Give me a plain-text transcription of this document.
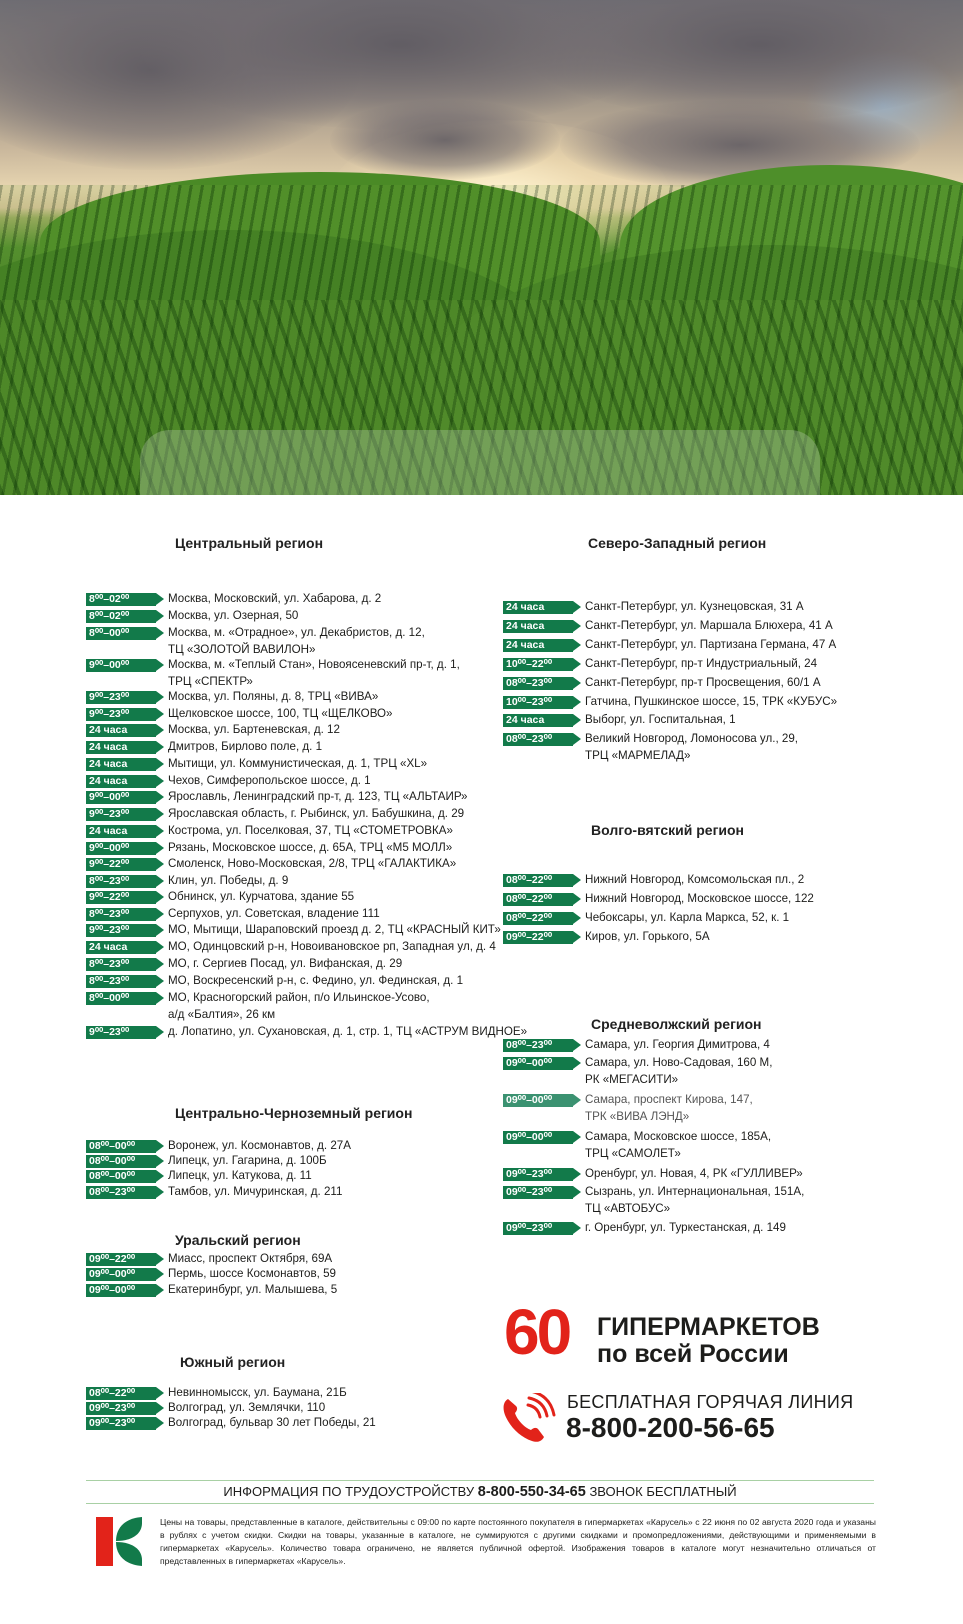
Центральный регион
8⁰⁰–02⁰⁰	Москва, Московский, ул. Хабарова, д. 2
8⁰⁰–02⁰⁰	Москва, ул. Озерная, 50
8⁰⁰–00⁰⁰	Москва, м. «Отрадное», ул. Декабристов, д. 12,
ТЦ «ЗОЛОТОЙ ВАВИЛОН»
9⁰⁰–00⁰⁰	Москва, м. «Теплый Стан», Новоясеневский пр-т, д. 1,
ТРЦ «СПЕКТР»
9⁰⁰–23⁰⁰	Москва, ул. Поляны, д. 8, ТРЦ «ВИВА»
9⁰⁰–23⁰⁰	Щелковское шоссе, 100, ТЦ «ЩЕЛКОВО»
24 часа	Москва, ул. Бартеневская, д. 12
24 часа	Дмитров, Бирлово поле, д. 1
24 часа	Мытищи, ул. Коммунистическая, д. 1, ТРЦ «XL»
24 часа	Чехов, Симферопольское шоссе, д. 1
9⁰⁰–00⁰⁰	Ярославль, Ленинградский пр-т, д. 123, ТЦ «АЛЬТАИР»
9⁰⁰–23⁰⁰	Ярославская область, г. Рыбинск, ул. Бабушкина, д. 29
24 часа	Кострома, ул. Поселковая, 37, ТЦ «СТОМЕТРОВКА»
9⁰⁰–00⁰⁰	Рязань, Московское шоссе, д. 65А, ТРЦ «М5 МОЛЛ»
9⁰⁰–22⁰⁰	Смоленск, Ново-Московская, 2/8, ТРЦ «ГАЛАКТИКА»
8⁰⁰–23⁰⁰	Клин, ул. Победы, д. 9
9⁰⁰–22⁰⁰	Обнинск, ул. Курчатова, здание 55
8⁰⁰–23⁰⁰	Серпухов, ул. Советская, владение 111
9⁰⁰–23⁰⁰	МО, Мытищи, Шараповский проезд д. 2, ТЦ «КРАСНЫЙ КИТ»
24 часа	МО, Одинцовский р-н, Новоивановское рп, Западная ул, д. 4
8⁰⁰–23⁰⁰	МО, г. Сергиев Посад, ул. Вифанская, д. 29
8⁰⁰–23⁰⁰	МО, Воскресенский р-н, с. Федино, ул. Фединская, д. 1
8⁰⁰–00⁰⁰	МО, Красногорский район, п/о Ильинское-Усово,
а/д «Балтия», 26 км
9⁰⁰–23⁰⁰	д. Лопатино, ул. Сухановская, д. 1, стр. 1, ТЦ «АСТРУМ ВИДНОЕ»
Центрально-Черноземный регион
08⁰⁰–00⁰⁰	Воронеж, ул. Космонавтов, д. 27А
08⁰⁰–00⁰⁰	Липецк, ул. Гагарина, д. 100Б
08⁰⁰–00⁰⁰	Липецк, ул. Катукова, д. 11
08⁰⁰–23⁰⁰	Тамбов, ул. Мичуринская, д. 211
Уральский регион
09⁰⁰–22⁰⁰	Миасс, проспект Октября, 69А
09⁰⁰–00⁰⁰	Пермь, шоссе Космонавтов, 59
09⁰⁰–00⁰⁰	Екатеринбург, ул. Малышева, 5
Южный регион
08⁰⁰–22⁰⁰	Невинномысск, ул. Баумана, 21Б
09⁰⁰–23⁰⁰	Волгоград, ул. Землячки, 110
09⁰⁰–23⁰⁰	Волгоград, бульвар 30 лет Победы, 21
Северо-Западный регион
24 часа	Санкт-Петербург, ул. Кузнецовская, 31 А
24 часа	Санкт-Петербург, ул. Маршала Блюхера, 41 А
24 часа	Санкт-Петербург, ул. Партизана Германа, 47 А
10⁰⁰–22⁰⁰	Санкт-Петербург, пр-т Индустриальный, 24
08⁰⁰–23⁰⁰	Санкт-Петербург, пр-т Просвещения, 60/1 А
10⁰⁰–23⁰⁰	Гатчина, Пушкинское шоссе, 15, ТРК «КУБУС»
24 часа	Выборг, ул. Госпитальная, 1
08⁰⁰–23⁰⁰	Великий Новгород, Ломоносова ул., 29,
ТРЦ «МАРМЕЛАД»
Волго-вятский регион
08⁰⁰–22⁰⁰	Нижний Новгород, Комсомольская пл., 2
08⁰⁰–22⁰⁰	Нижний Новгород, Московское шоссе, 122
08⁰⁰–22⁰⁰	Чебоксары, ул. Карла Маркса, 52, к. 1
09⁰⁰–22⁰⁰	Киров, ул. Горького, 5А
Средневолжский регион
08⁰⁰–23⁰⁰	Самара, ул. Георгия Димитрова, 4
09⁰⁰–00⁰⁰	Самара, ул. Ново-Садовая, 160 М,
РК «МЕГАСИТИ»
09⁰⁰–00⁰⁰	Самара, проспект Кирова, 147,
ТРК «ВИВА ЛЭНД»
09⁰⁰–00⁰⁰	Самара, Московское шоссе, 185А,
ТРЦ «САМОЛЕТ»
09⁰⁰–23⁰⁰	Оренбург, ул. Новая, 4, РК «ГУЛЛИВЕР»
09⁰⁰–23⁰⁰	Сызрань, ул. Интернациональная, 151А,
ТЦ «АВТОБУС»
09⁰⁰–23⁰⁰	г. Оренбург, ул. Туркестанская, д. 149
60 ГИПЕРМАРКЕТОВ
по всей России
БЕСПЛАТНАЯ ГОРЯЧАЯ ЛИНИЯ
8-800-200-56-65
ИНФОРМАЦИЯ ПО ТРУДОУСТРОЙСТВУ 8-800-550-34-65 ЗВОНОК БЕСПЛАТНЫЙ
Цены на товары, представленные в каталоге, действительны с 09:00 по карте постоянного покупателя в гипермаркетах «Карусель» с 22 июня по 02 августа 2020 года и указаны в рублях с учетом скидки. Скидки на товары, указанные в каталоге, не суммируются с другими скидками и промопредложениями, действующими и применяемыми в гипермаркетах «Карусель». Количество товара ограничено, не является публичной офертой. Изображения товаров в каталоге могут незначительно отличаться от представленных в гипермаркетах «Карусель».
